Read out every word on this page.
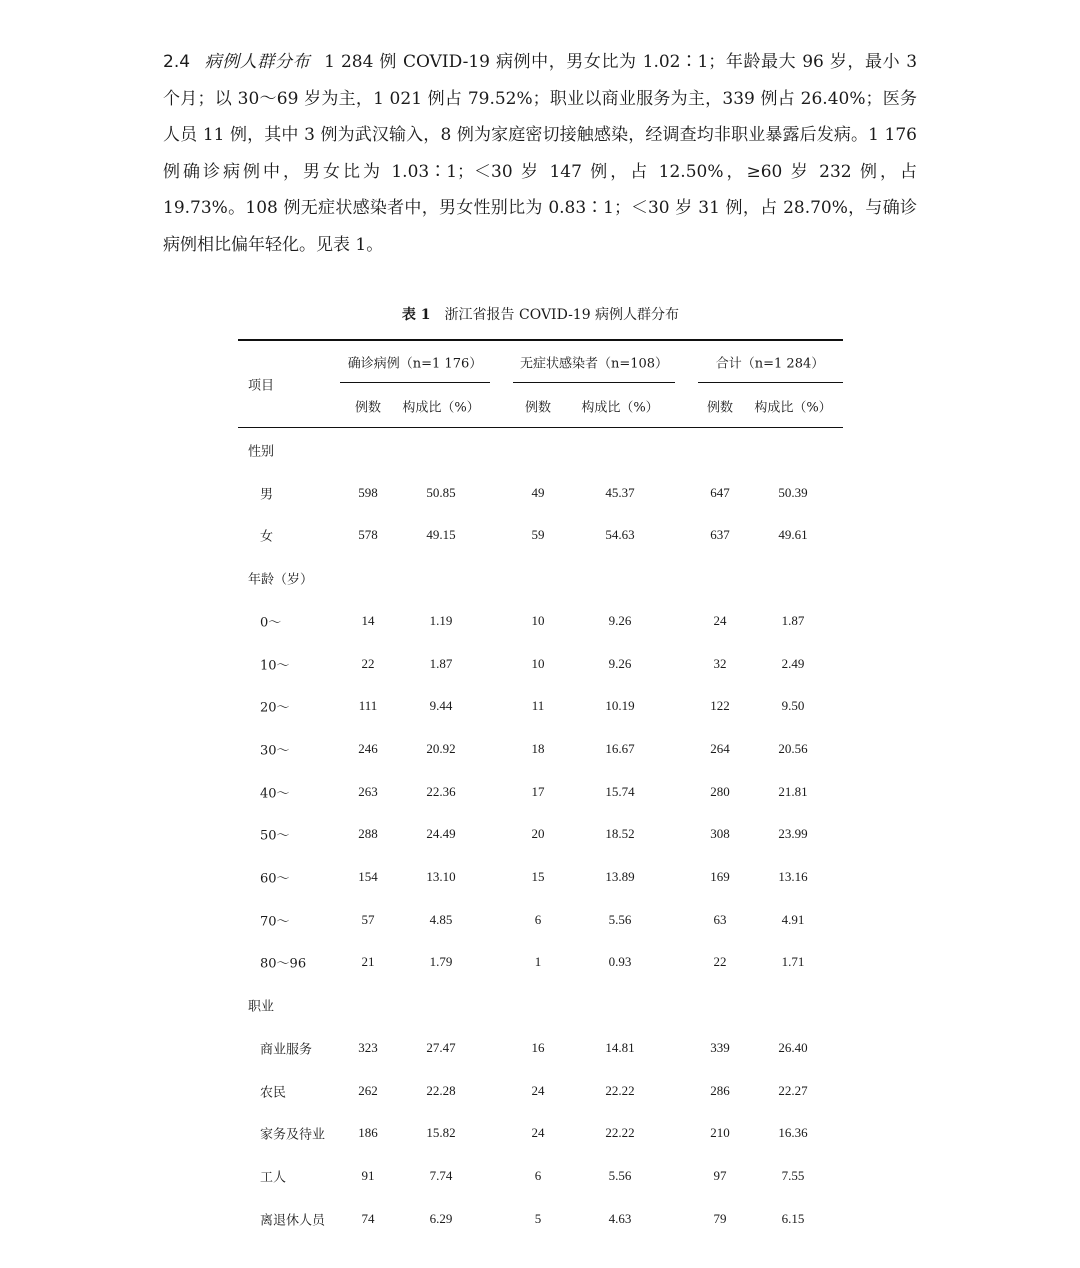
2.4 病例人群分布 1 284 例 COVID-19 病例中，男女比为 1.02∶1；年龄最大 96 岁，最小 3 个月；以 30～69 岁为主，1 021 例占 79.52%；职业以商业服务为主，339 例占 26.40%；医务人员 11 例，其中 3 例为武汉输入，8 例为家庭密切接触感染，经调查均非职业暴露后发病。1 176 例确诊病例中，男女比为 1.03∶1；＜30 岁 147 例，占 12.50%，≥60 岁 232 例，占 19.73%。108 例无症状感染者中，男女性别比为 0.83∶1；＜30 岁 31 例，占 28.70%，与确诊病例相比偏年轻化。见表 1。
表 1 浙江省报告 COVID-19 病例人群分布
项目
确诊病例（n=1 176）	无症状感染者（n=108）	合计（n=1 284）
例数 构成比（%）	例数 构成比（%）	例数 构成比（%）
性别
男	598	50.85	49	45.37	647	50.39
女	578	49.15	59	54.63	637	49.61
年龄（岁）
0～	14	1.19	10	9.26	24	1.87
10～	22	1.87	10	9.26	32	2.49
20～	111	9.44	11	10.19	122	9.50
30～	246	20.92	18	16.67	264	20.56
40～	263	22.36	17	15.74	280	21.81
50～	288	24.49	20	18.52	308	23.99
60～	154	13.10	15	13.89	169	13.16
70～	57	4.85	6	5.56	63	4.91
80～96	21	1.79	1	0.93	22	1.71
职业
商业服务	323	27.47	16	14.81	339	26.40
农民	262	22.28	24	22.22	286	22.27
家务及待业	186	15.82	24	22.22	210	16.36
工人	91	7.74	6	5.56	97	7.55
离退休人员	74	6.29	5	4.63	79	6.15
